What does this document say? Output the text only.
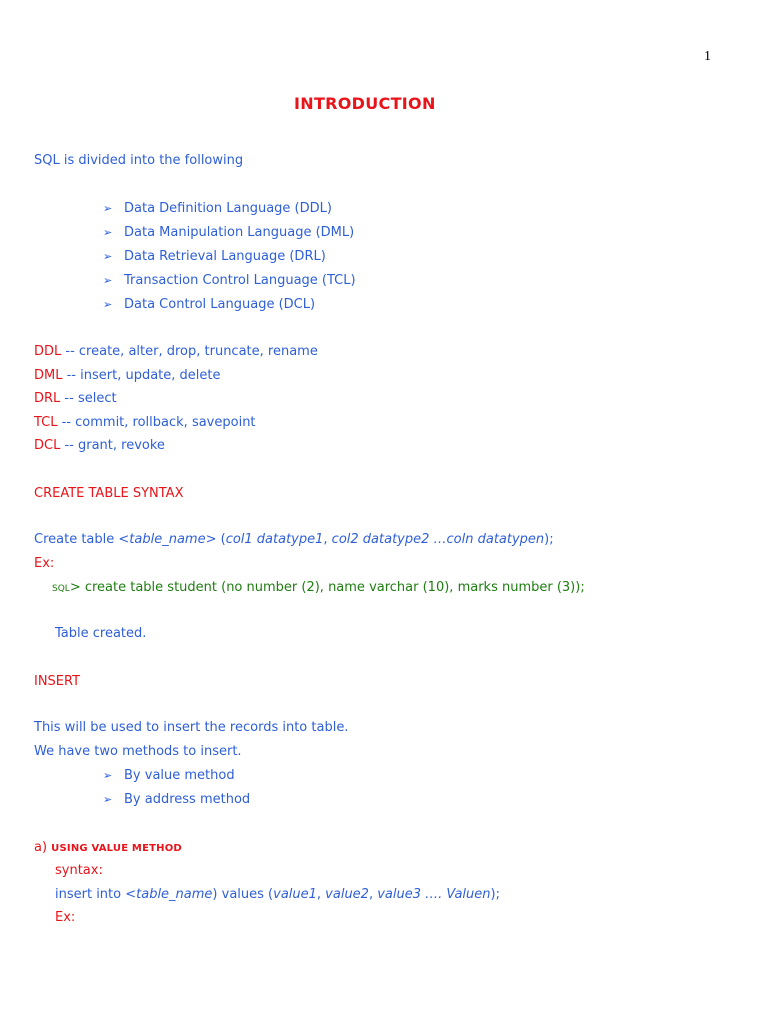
1
INTRODUCTION
SQL is divided into the following
➢ Data Definition Language (DDL)
➢ Data Manipulation Language (DML)
➢ Data Retrieval Language (DRL)
➢ Transaction Control Language (TCL)
➢ Data Control Language (DCL)
DDL -- create, alter, drop, truncate, rename
DML -- insert, update, delete
DRL -- select
TCL -- commit, rollback, savepoint
DCL -- grant, revoke
CREATE TABLE SYNTAX
Create table <table_name> (col1 datatype1, col2 datatype2 …coln datatypen);
Ex:
SQL> create table student (no number (2), name varchar (10), marks number (3));
Table created.
INSERT
This will be used to insert the records into table.
We have two methods to insert.
➢ By value method
➢ By address method
a) USING VALUE METHOD
syntax:
insert into <table_name) values (value1, value2, value3 …. Valuen);
Ex:
